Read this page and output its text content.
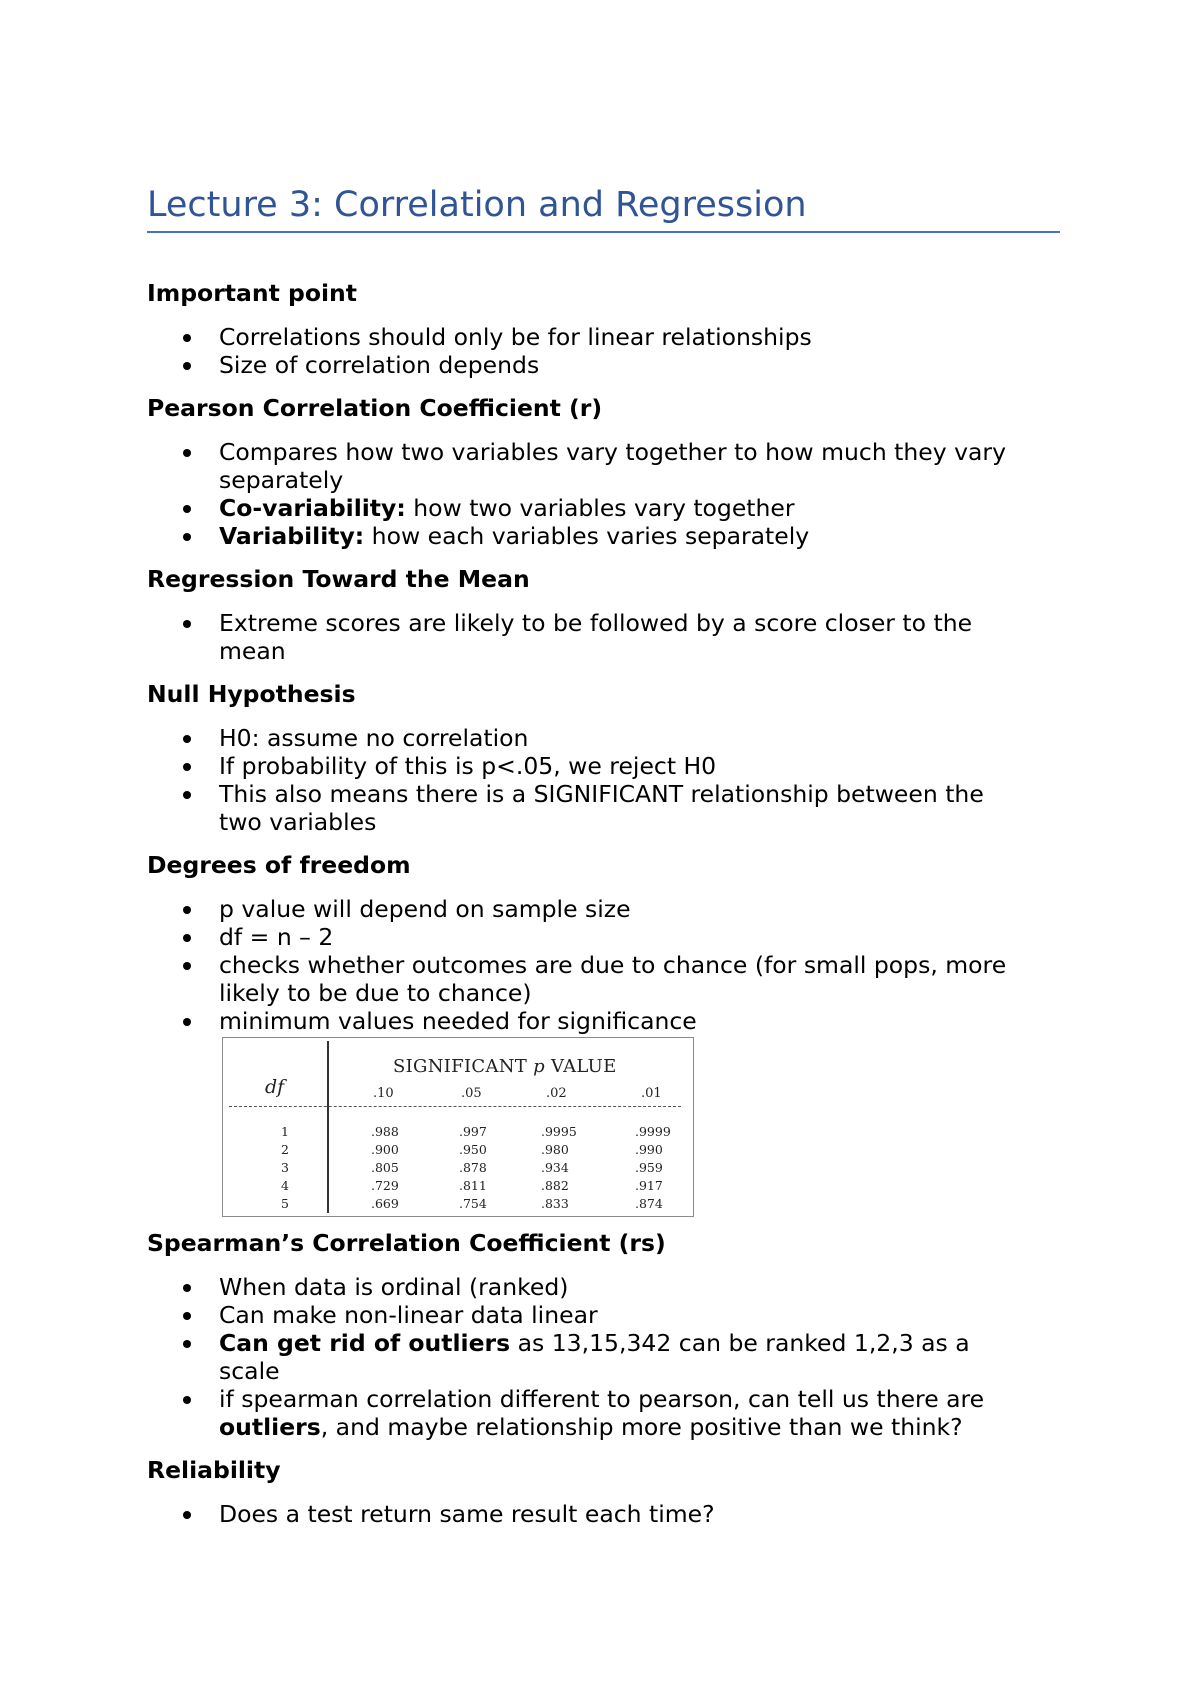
Lecture 3: Correlation and Regression

Important point

Correlations should only be for linear relationships
Size of correlation depends

Pearson Correlation Coefficient (r)

Compares how two variables vary together to how much they vary
separately
Co-variability: how two variables vary together
Variability: how each variables varies separately

Regression Toward the Mean

Extreme scores are likely to be followed by a score closer to the
mean

Null Hypothesis

H0: assume no correlation
If probability of this is p<.05, we reject H0
This also means there is a SIGNIFICANT relationship between the
two variables

Degrees of freedom

p value will depend on sample size
df = n – 2
checks whether outcomes are due to chance (for small pops, more
likely to be due to chance)
minimum values needed for significance
SIGNIFICANT p VALUE
df	.10	.05	.02	.01
1	.988	.997	.9995	.9999
2	.900	.950	.980	.990
3	.805	.878	.934	.959
4	.729	.811	.882	.917
5	.669	.754	.833	.874

Spearman’s Correlation Coefficient (rs)

When data is ordinal (ranked)
Can make non-linear data linear
Can get rid of outliers as 13,15,342 can be ranked 1,2,3 as a
scale
if spearman correlation different to pearson, can tell us there are
outliers, and maybe relationship more positive than we think?

Reliability

Does a test return same result each time?
